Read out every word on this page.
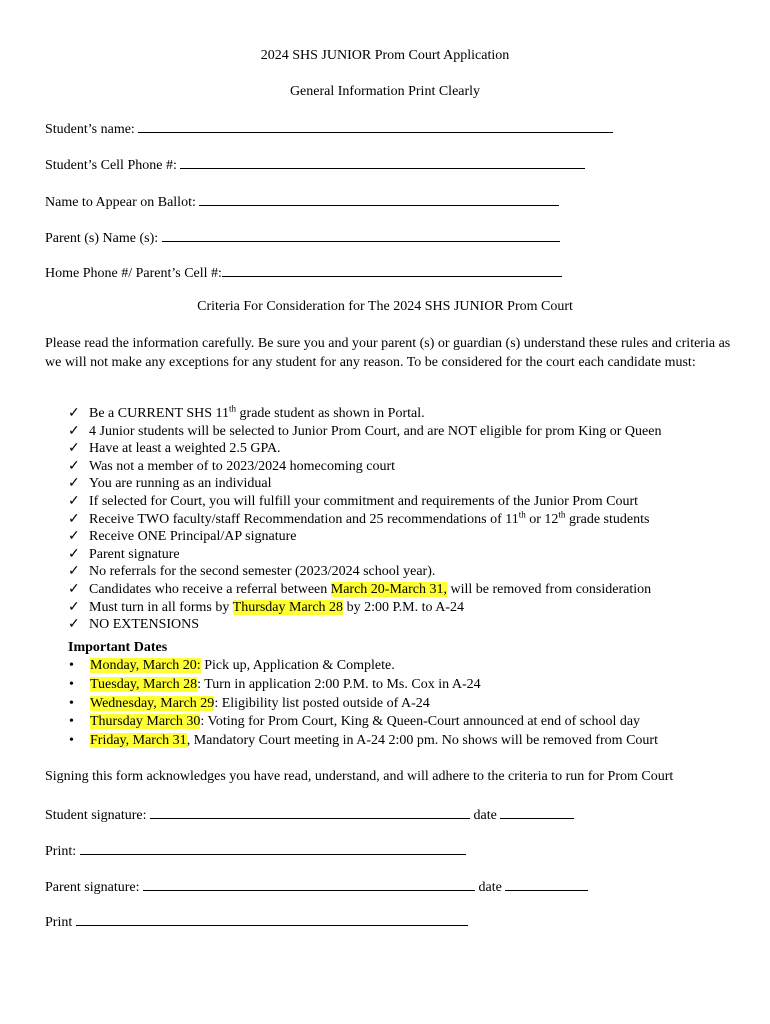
2024 SHS JUNIOR Prom Court Application
General Information Print Clearly
Student’s name:
Student’s Cell Phone #:
Name to Appear on Ballot:
Parent (s) Name (s):
Home Phone #/ Parent’s Cell #:
Criteria For Consideration for The 2024 SHS JUNIOR Prom Court
Please read the information carefully. Be sure you and your parent (s) or guardian (s) understand these rules and criteria as we will not make any exceptions for any student for any reason. To be considered for the court each candidate must:
✓ Be a CURRENT SHS 11th grade student as shown in Portal.
✓ 4 Junior students will be selected to Junior Prom Court, and are NOT eligible for prom King or Queen
✓ Have at least a weighted 2.5 GPA.
✓ Was not a member of to 2023/2024 homecoming court
✓ You are running as an individual
✓ If selected for Court, you will fulfill your commitment and requirements of the Junior Prom Court
✓ Receive TWO faculty/staff Recommendation and 25 recommendations of 11th or 12th grade students
✓ Receive ONE Principal/AP signature
✓ Parent signature
✓ No referrals for the second semester (2023/2024 school year).
✓ Candidates who receive a referral between March 20-March 31, will be removed from consideration
✓ Must turn in all forms by Thursday March 28 by 2:00 P.M. to A-24
✓ NO EXTENSIONS
Important Dates
• Monday, March 20: Pick up, Application & Complete.
• Tuesday, March 28: Turn in application 2:00 P.M. to Ms. Cox in A-24
• Wednesday, March 29: Eligibility list posted outside of A-24
• Thursday March 30: Voting for Prom Court, King & Queen-Court announced at end of school day
• Friday, March 31, Mandatory Court meeting in A-24 2:00 pm. No shows will be removed from Court
Signing this form acknowledges you have read, understand, and will adhere to the criteria to run for Prom Court
Student signature:	date
Print:
Parent signature:	date
Print
